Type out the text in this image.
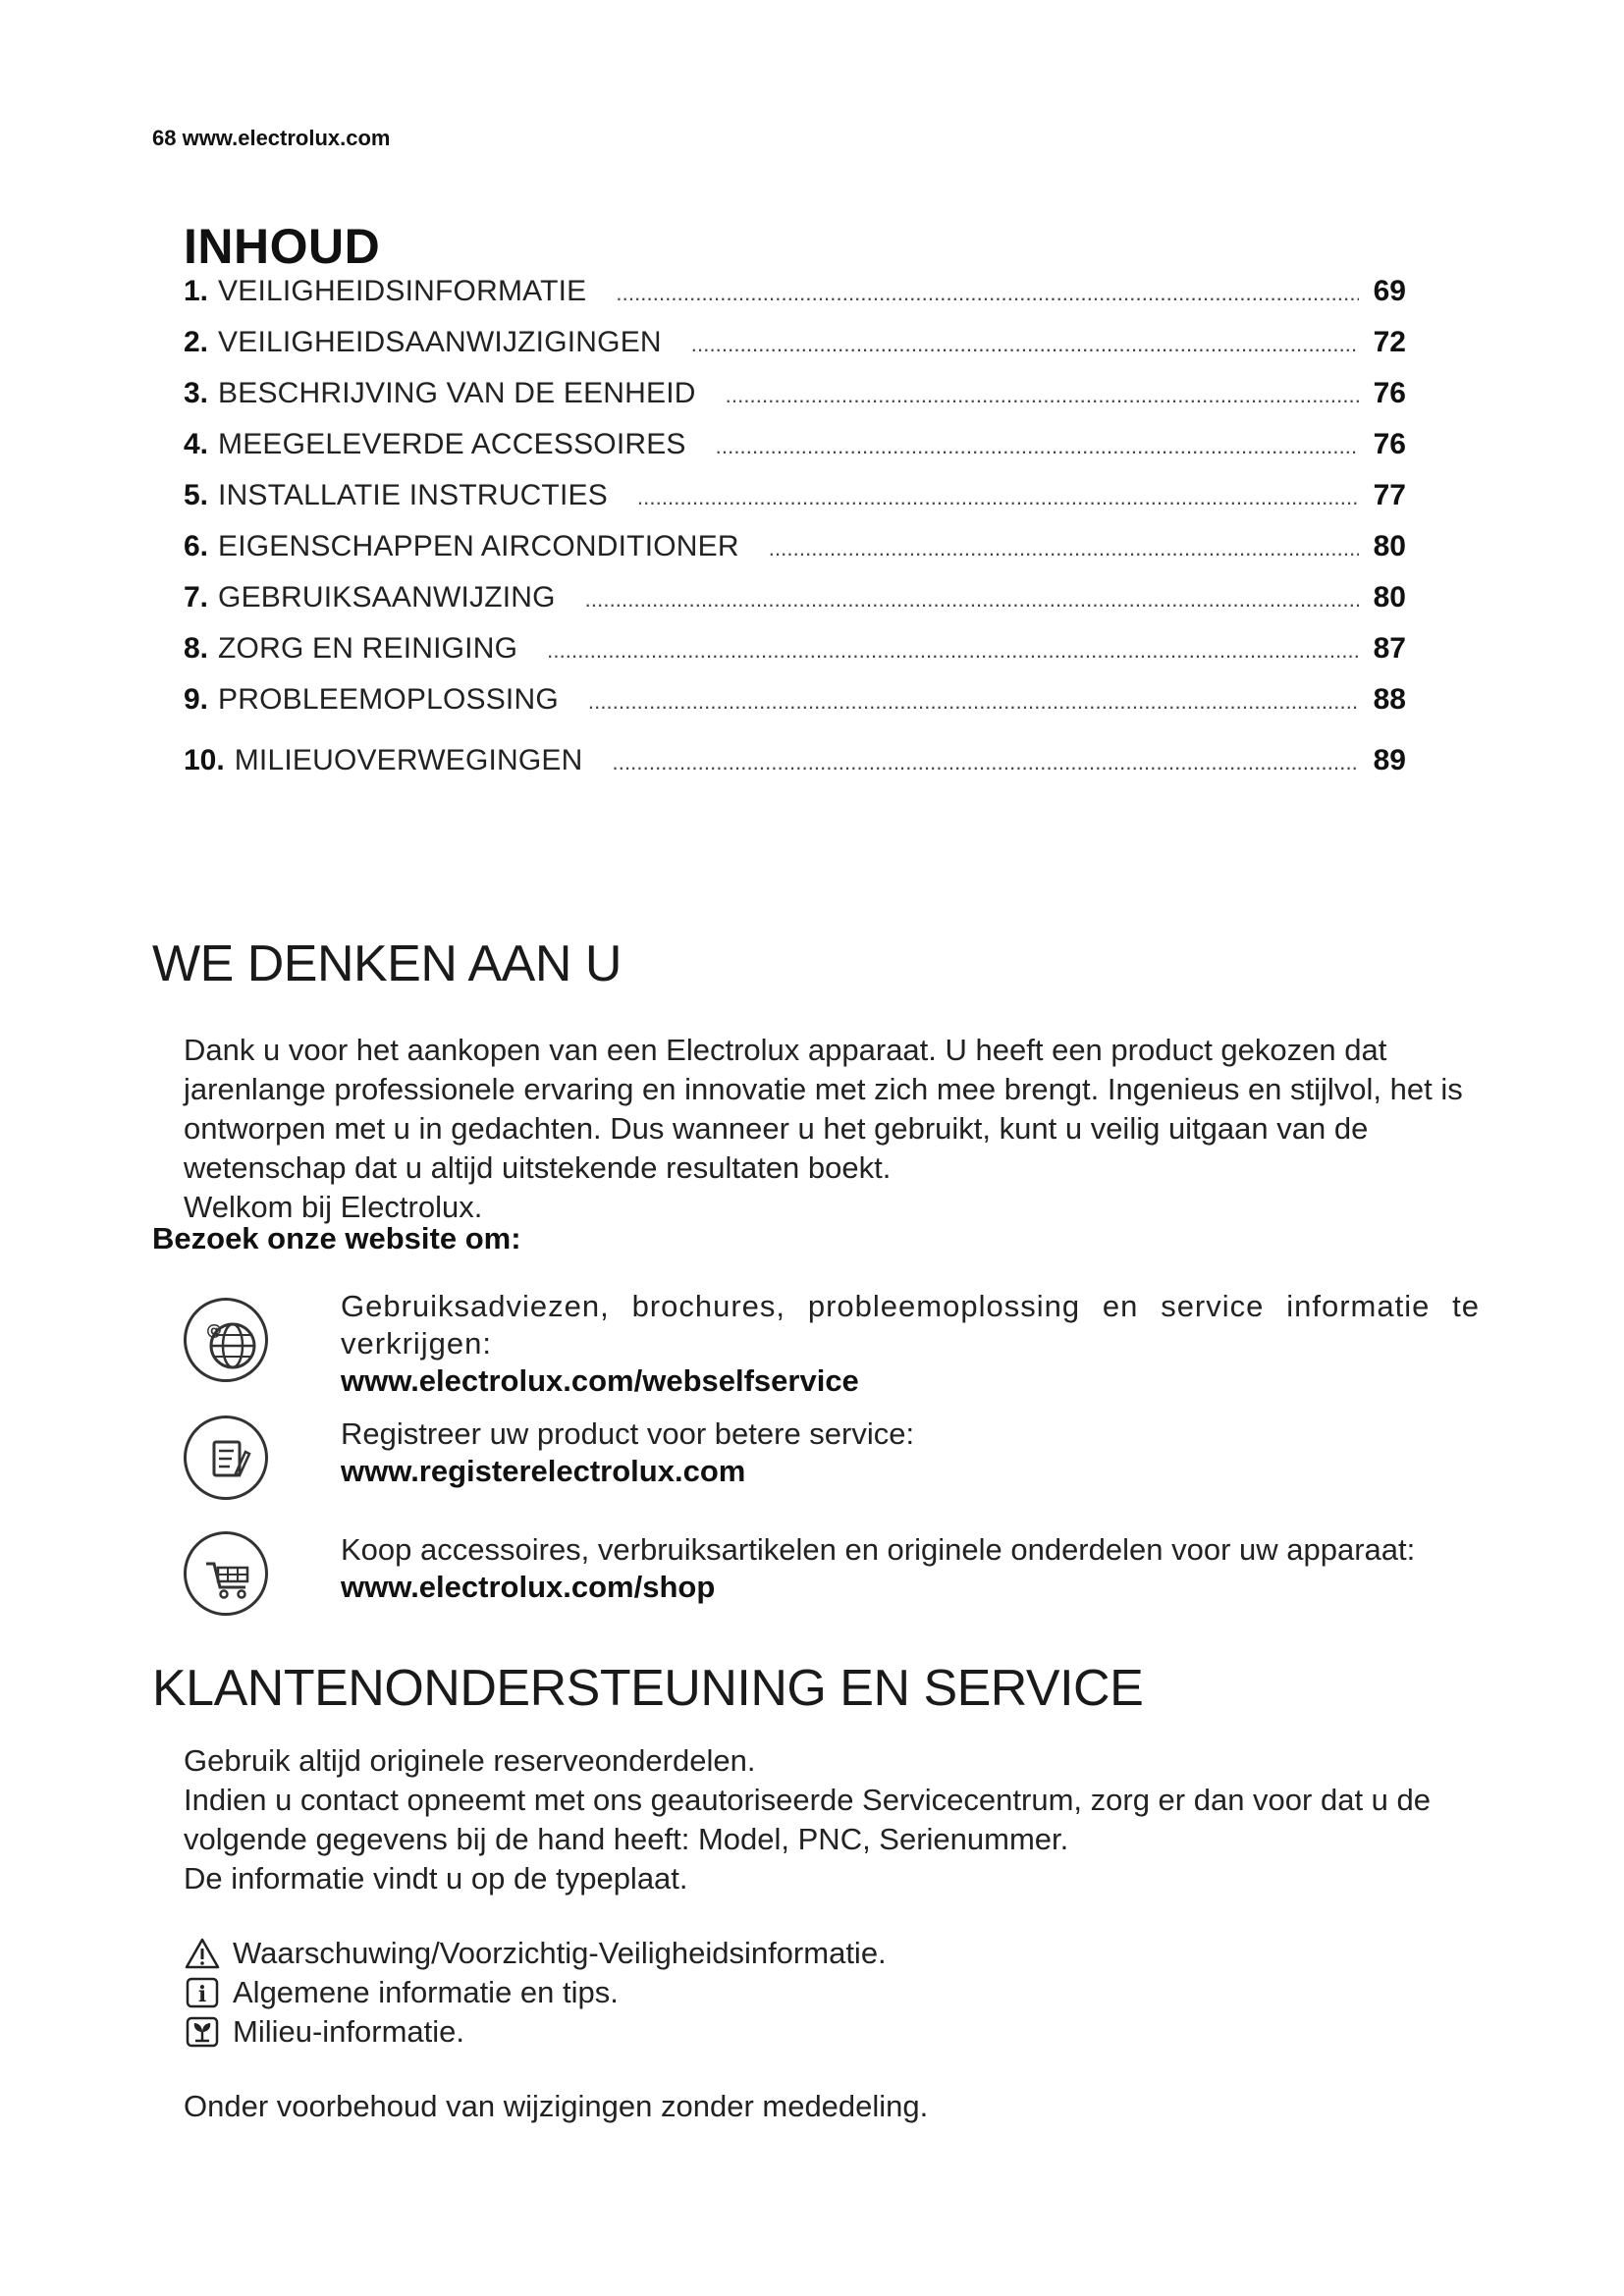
68 www.electrolux.com
INHOUD
1. VEILIGHEIDSINFORMATIE . . .	69
2. VEILIGHEIDSAANWIJZIGINGEN . . .	72
3. BESCHRIJVING VAN DE EENHEID . . .	76
4. MEEGELEVERDE ACCESSOIRES . . .	76
5. INSTALLATIE INSTRUCTIES . . .	77
6. EIGENSCHAPPEN AIRCONDITIONER . . .	80
7. GEBRUIKSAANWIJZING . . .	80
8. ZORG EN REINIGING . . .	87
9. PROBLEEMOPLOSSING . . .	88
10. MILIEUOVERWEGINGEN . . .	89
WE DENKEN AAN U

Dank u voor het aankopen van een Electrolux apparaat. U heeft een product gekozen dat jarenlange professionele ervaring en innovatie met zich mee brengt. Ingenieus en stijlvol, het is ontworpen met u in gedachten. Dus wanneer u het gebruikt, kunt u veilig uitgaan van de wetenschap dat u altijd uitstekende resultaten boekt.

Welkom bij Electrolux.

Bezoek onze website om:

@

Gebruiksadviezen, brochures, probleemoplossing en service informatie te verkrijgen:

www.electrolux.com/webselfservice

Registreer uw product voor betere service:

www.registerelectrolux.com

Koop accessoires, verbruiksartikelen en originele onderdelen voor uw apparaat:

www.electrolux.com/shop

KLANTENONDERSTEUNING EN SERVICE

Gebruik altijd originele reserveonderdelen.

Indien u contact opneemt met ons geautoriseerde Servicecentrum, zorg er dan voor dat u de volgende gegevens bij de hand heeft: Model, PNC, Serienummer.

De informatie vindt u op de typeplaat.

Waarschuwing/Voorzichtig-Veiligheidsinformatie.
i Algemene informatie en tips.
Milieu-informatie.
Onder voorbehoud van wijzigingen zonder mededeling.
